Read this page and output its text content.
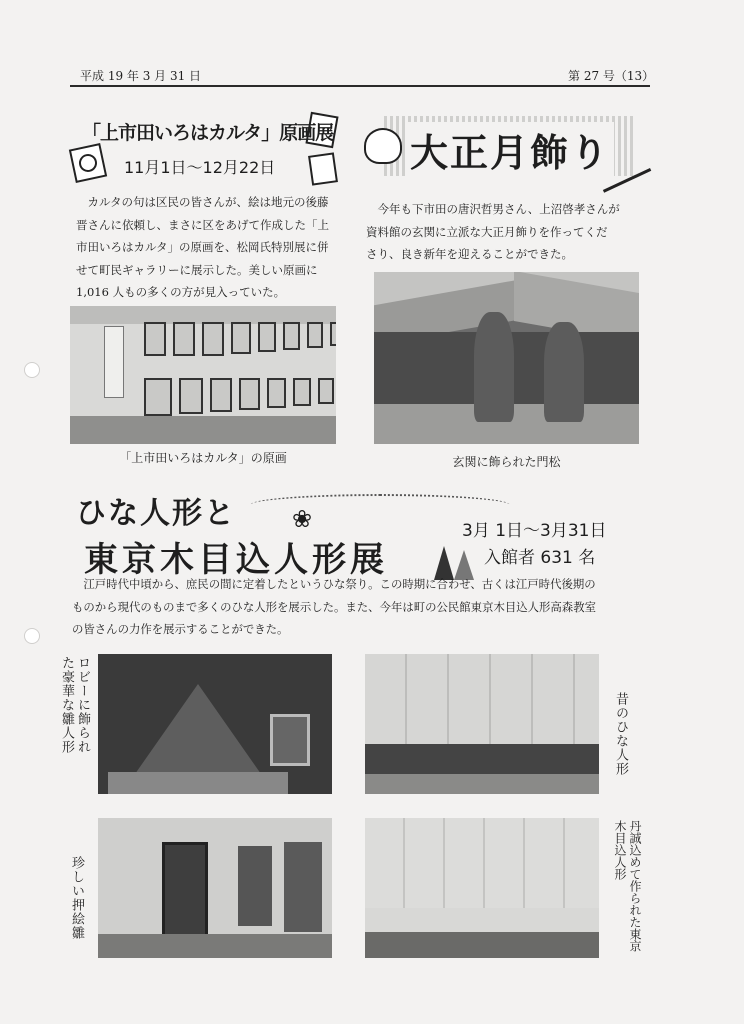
平成 19 年 3 月 31 日	第 27 号（13）
「上市田いろはカルタ」原画展
11月1日～12月22日
カルタの句は区民の皆さんが、絵は地元の後藤
晋さんに依頼し、まさに区をあげて作成した「上
市田いろはカルタ」の原画を、松岡氏特別展に併
せて町民ギャラリーに展示した。美しい原画に
1,016 人もの多くの方が見入っていた。
「上市田いろはカルタ」の原画
大正月飾り
今年も下市田の唐沢哲男さん、上沼啓孝さんが
資料館の玄関に立派な大正月飾りを作ってくだ
さり、良き新年を迎えることができた。
玄関に飾られた門松
ひな人形と
東京木目込人形展
❀	3月 1日～3月31日
入館者 631 名
江戸時代中頃から、庶民の間に定着したというひな祭り。この時期に合わせ、古くは江戸時代後期の
ものから現代のものまで多くのひな人形を展示した。また、今年は町の公民館東京木目込人形高森教室
の皆さんの力作を展示することができた。
ロビーに飾られた豪華な雛人形	昔のひな人形
珍しい押絵雛	丹誠込めて作られた東京木目込人形
